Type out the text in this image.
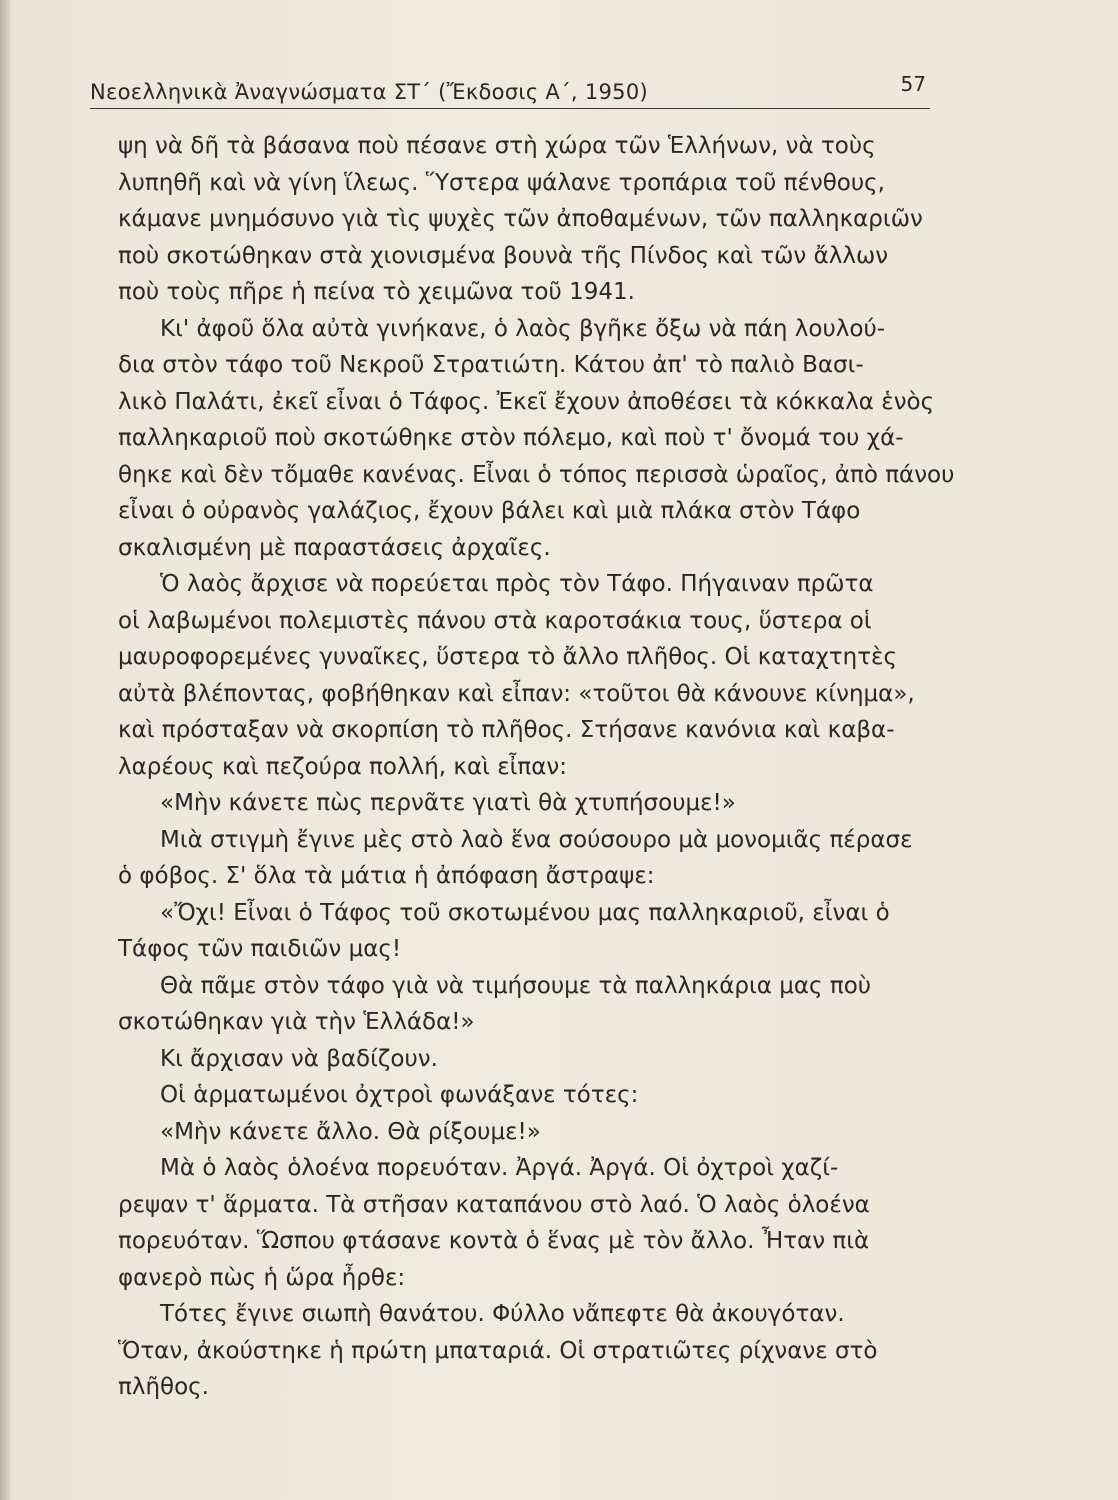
Νεοελληνικὰ Ἀναγνώσματα ΣΤ΄ (Ἔκδοσις Α΄, 1950)	57
ψη νὰ δῆ τὰ βάσανα ποὺ πέσανε στὴ χώρα τῶν Ἑλλήνων, νὰ τοὺς
λυπηθῆ καὶ νὰ γίνη ἵλεως. Ὕστερα ψάλανε τροπάρια τοῦ πένθους,
κάμανε μνημόσυνο γιὰ τὶς ψυχὲς τῶν ἀποθαμένων, τῶν παλληκαριῶν
ποὺ σκοτώθηκαν στὰ χιονισμένα βουνὰ τῆς Πίνδος καὶ τῶν ἄλλων
ποὺ τοὺς πῆρε ἡ πείνα τὸ χειμῶνα τοῦ 1941.
Κι' ἀφοῦ ὅλα αὐτὰ γινήκανε, ὁ λαὸς βγῆκε ὄξω νὰ πάη λουλού-
δια στὸν τάφο τοῦ Νεκροῦ Στρατιώτη. Κάτου ἀπ' τὸ παλιὸ Βασι-
λικὸ Παλάτι, ἐκεῖ εἶναι ὁ Τάφος. Ἐκεῖ ἔχουν ἀποθέσει τὰ κόκκαλα ἑνὸς
παλληκαριοῦ ποὺ σκοτώθηκε στὸν πόλεμο, καὶ ποὺ τ' ὄνομά του χά-
θηκε καὶ δὲν τὄμαθε κανένας. Εἶναι ὁ τόπος περισσὰ ὡραῖος, ἀπὸ πάνου
εἶναι ὁ οὐρανὸς γαλάζιος, ἔχουν βάλει καὶ μιὰ πλάκα στὸν Τάφο
σκαλισμένη μὲ παραστάσεις ἀρχαῖες.
Ὁ λαὸς ἄρχισε νὰ πορεύεται πρὸς τὸν Τάφο. Πήγαιναν πρῶτα
οἱ λαβωμένοι πολεμιστὲς πάνου στὰ καροτσάκια τους, ὕστερα οἱ
μαυροφορεμένες γυναῖκες, ὕστερα τὸ ἄλλο πλῆθος. Οἱ καταχτητὲς
αὐτὰ βλέποντας, φοβήθηκαν καὶ εἶπαν: «τοῦτοι θὰ κάνουνε κίνημα»,
καὶ πρόσταξαν νὰ σκορπίση τὸ πλῆθος. Στήσανε κανόνια καὶ καβα-
λαρέους καὶ πεζούρα πολλή, καὶ εἶπαν:
«Μὴν κάνετε πὼς περνᾶτε γιατὶ θὰ χτυπήσουμε!»
Μιὰ στιγμὴ ἔγινε μὲς στὸ λαὸ ἕνα σούσουρο μὰ μονομιᾶς πέρασε
ὁ φόβος. Σ' ὅλα τὰ μάτια ἡ ἀπόφαση ἄστραψε:
«Ὄχι! Εἶναι ὁ Τάφος τοῦ σκοτωμένου μας παλληκαριοῦ, εἶναι ὁ
Τάφος τῶν παιδιῶν μας!
Θὰ πᾶμε στὸν τάφο γιὰ νὰ τιμήσουμε τὰ παλληκάρια μας ποὺ
σκοτώθηκαν γιὰ τὴν Ἑλλάδα!»
Κι ἄρχισαν νὰ βαδίζουν.
Οἱ ἁρματωμένοι ὀχτροὶ φωνάξανε τότες:
«Μὴν κάνετε ἄλλο. Θὰ ρίξουμε!»
Μὰ ὁ λαὸς ὁλοένα πορευόταν. Ἀργά. Ἀργά. Οἱ ὀχτροὶ χαζί-
ρεψαν τ' ἅρματα. Τὰ στῆσαν καταπάνου στὸ λαό. Ὁ λαὸς ὁλοένα
πορευόταν. Ὥσπου φτάσανε κοντὰ ὁ ἕνας μὲ τὸν ἄλλο. Ἦταν πιὰ
φανερὸ πὼς ἡ ὥρα ἦρθε:
Τότες ἔγινε σιωπὴ θανάτου. Φύλλο νἄπεφτε θὰ ἀκουγόταν.
Ὅταν, ἀκούστηκε ἡ πρώτη μπαταριά. Οἱ στρατιῶτες ρίχνανε στὸ
πλῆθος.
